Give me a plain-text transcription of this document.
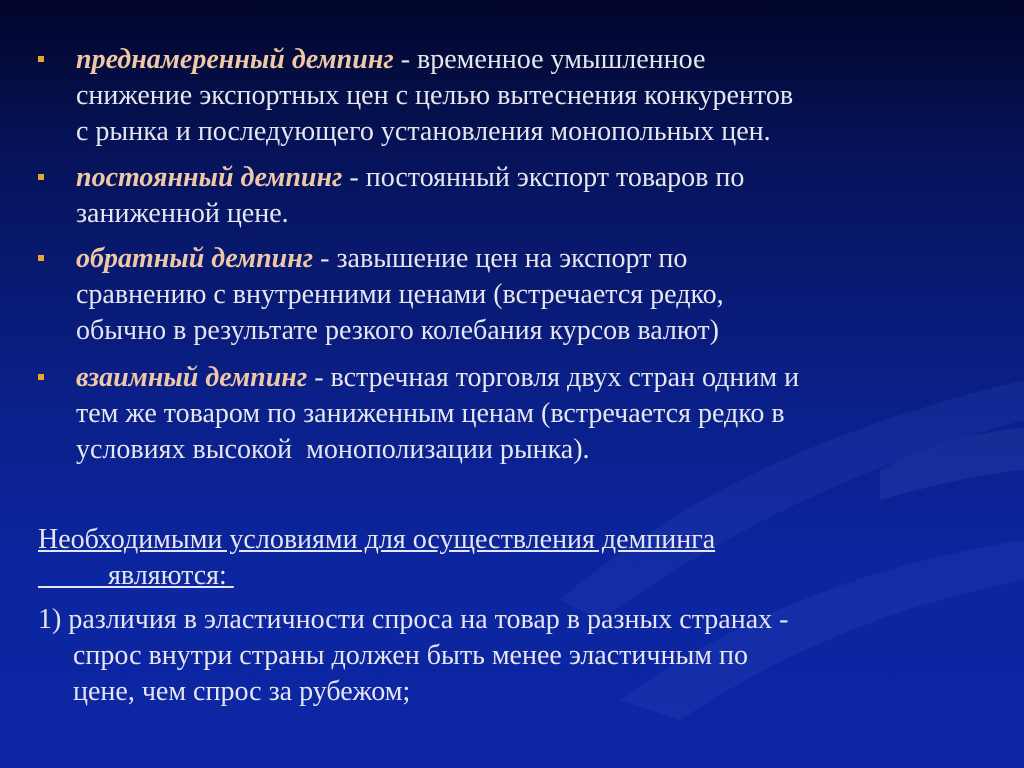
преднамеренный демпинг - временное умышленное
снижение экспортных цен с целью вытеснения конкурентов
с рынка и последующего установления монопольных цен.
постоянный демпинг - постоянный экспорт товаров по
заниженной цене.
обратный демпинг - завышение цен на экспорт по
сравнению с внутренними ценами (встречается редко,
обычно в результате резкого колебания курсов валют)
взаимный демпинг - встречная торговля двух стран одним и
тем же товаром по заниженным ценам (встречается редко в
условиях высокой  монополизации рынка).
Необходимыми условиями для осуществления демпинга
являются:
1) различия в эластичности спроса на товар в разных странах -
спрос внутри страны должен быть менее эластичным по
цене, чем спрос за рубежом;
